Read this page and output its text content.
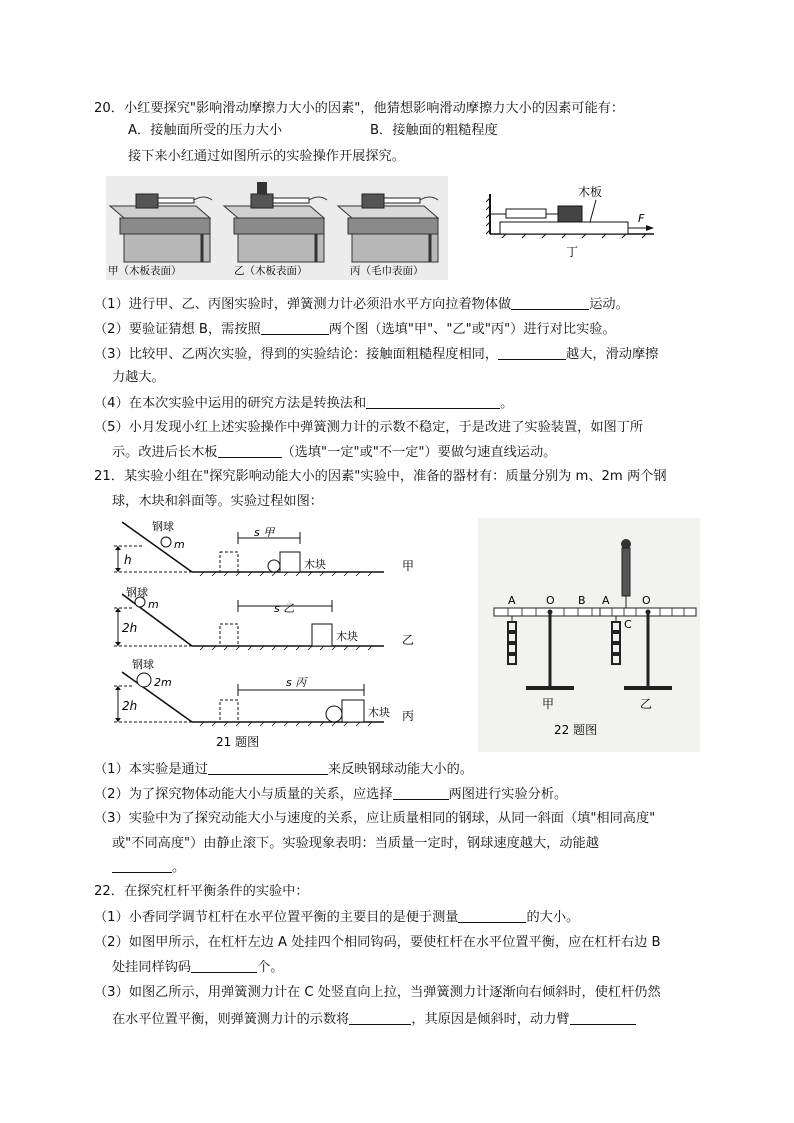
20．小红要探究"影响滑动摩擦力大小的因素"，他猜想影响滑动摩擦力大小的因素可能有：
A．接触面所受的压力大小	B．接触面的粗糙程度
接下来小红通过如图所示的实验操作开展探究。
甲（木板表面）	乙（木板表面）	丙（毛巾表面）
木板
F
丁
（1）进行甲、乙、丙图实验时，弹簧测力计必须沿水平方向拉着物体做	运动。
（2）要验证猜想 B，需按照	两个图（选填"甲"、"乙"或"丙"）进行对比实验。
（3）比较甲、乙两次实验，得到的实验结论：接触面粗糙程度相同，	越大，滑动摩擦
力越大。
（4）在本次实验中运用的研究方法是转换法和	。
（5）小月发现小红上述实验操作中弹簧测力计的示数不稳定，于是改进了实验装置，如图丁所
示。改进后长木板	（选填"一定"或"不一定"）要做匀速直线运动。
21．某实验小组在"探究影响动能大小的因素"实验中，准备的器材有：质量分别为 m、2m 两个钢
球，木块和斜面等。实验过程如图：
钢球
m
h
s 甲
木块	甲
钢球
m
2h
s 乙
木块	乙
钢球
2m
2h
s 丙
木块 丙
21 题图
A	O B
甲
A	O
C
乙
22 题图
（1）本实验是通过	来反映钢球动能大小的。
（2）为了探究物体动能大小与质量的关系，应选择	两图进行实验分析。
（3）实验中为了探究动能大小与速度的关系，应让质量相同的钢球，从同一斜面（填"相同高度"
或"不同高度"）由静止滚下。实验现象表明：当质量一定时，钢球速度越大，动能越
。
22．在探究杠杆平衡条件的实验中：
（1）小香同学调节杠杆在水平位置平衡的主要目的是便于测量	的大小。
（2）如图甲所示，在杠杆左边 A 处挂四个相同钩码，要使杠杆在水平位置平衡，应在杠杆右边 B
处挂同样钩码	个。
（3）如图乙所示，用弹簧测力计在 C 处竖直向上拉，当弹簧测力计逐渐向右倾斜时，使杠杆仍然
在水平位置平衡，则弹簧测力计的示数将	，其原因是倾斜时，动力臂
